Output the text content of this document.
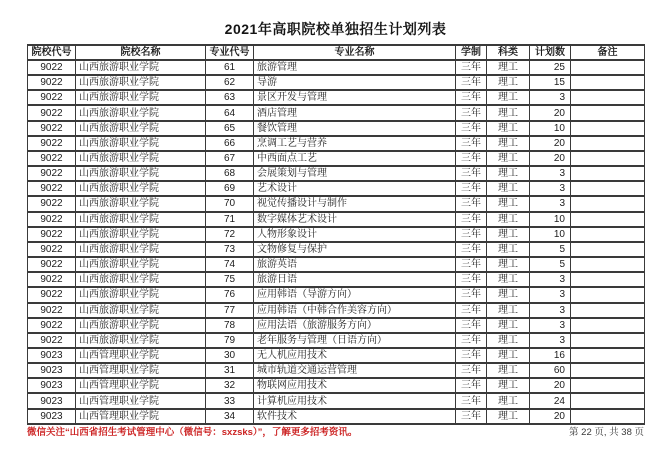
2021年高职院校单独招生计划列表
院校代号	院校名称	专业代号	专业名称	学制	科类	计划数	备注
9022	山西旅游职业学院	61	旅游管理	三年	理工	25	
9022	山西旅游职业学院	62	导游	三年	理工	15	
9022	山西旅游职业学院	63	景区开发与管理	三年	理工	3	
9022	山西旅游职业学院	64	酒店管理	三年	理工	20	
9022	山西旅游职业学院	65	餐饮管理	三年	理工	10	
9022	山西旅游职业学院	66	烹调工艺与营养	三年	理工	20	
9022	山西旅游职业学院	67	中西面点工艺	三年	理工	20	
9022	山西旅游职业学院	68	会展策划与管理	三年	理工	3	
9022	山西旅游职业学院	69	艺术设计	三年	理工	3	
9022	山西旅游职业学院	70	视觉传播设计与制作	三年	理工	3	
9022	山西旅游职业学院	71	数字媒体艺术设计	三年	理工	10	
9022	山西旅游职业学院	72	人物形象设计	三年	理工	10	
9022	山西旅游职业学院	73	文物修复与保护	三年	理工	5	
9022	山西旅游职业学院	74	旅游英语	三年	理工	5	
9022	山西旅游职业学院	75	旅游日语	三年	理工	3	
9022	山西旅游职业学院	76	应用韩语（导游方向）	三年	理工	3	
9022	山西旅游职业学院	77	应用韩语（中韩合作美容方向）	三年	理工	3	
9022	山西旅游职业学院	78	应用法语（旅游服务方向）	三年	理工	3	
9022	山西旅游职业学院	79	老年服务与管理（日语方向）	三年	理工	3	
9023	山西管理职业学院	30	无人机应用技术	三年	理工	16	
9023	山西管理职业学院	31	城市轨道交通运营管理	三年	理工	60	
9023	山西管理职业学院	32	物联网应用技术	三年	理工	20	
9023	山西管理职业学院	33	计算机应用技术	三年	理工	24	
9023	山西管理职业学院	34	软件技术	三年	理工	20	
微信关注“山西省招生考试管理中心（微信号：sxzsks）”，了解更多招考资讯。	第 22 页, 共 38 页
